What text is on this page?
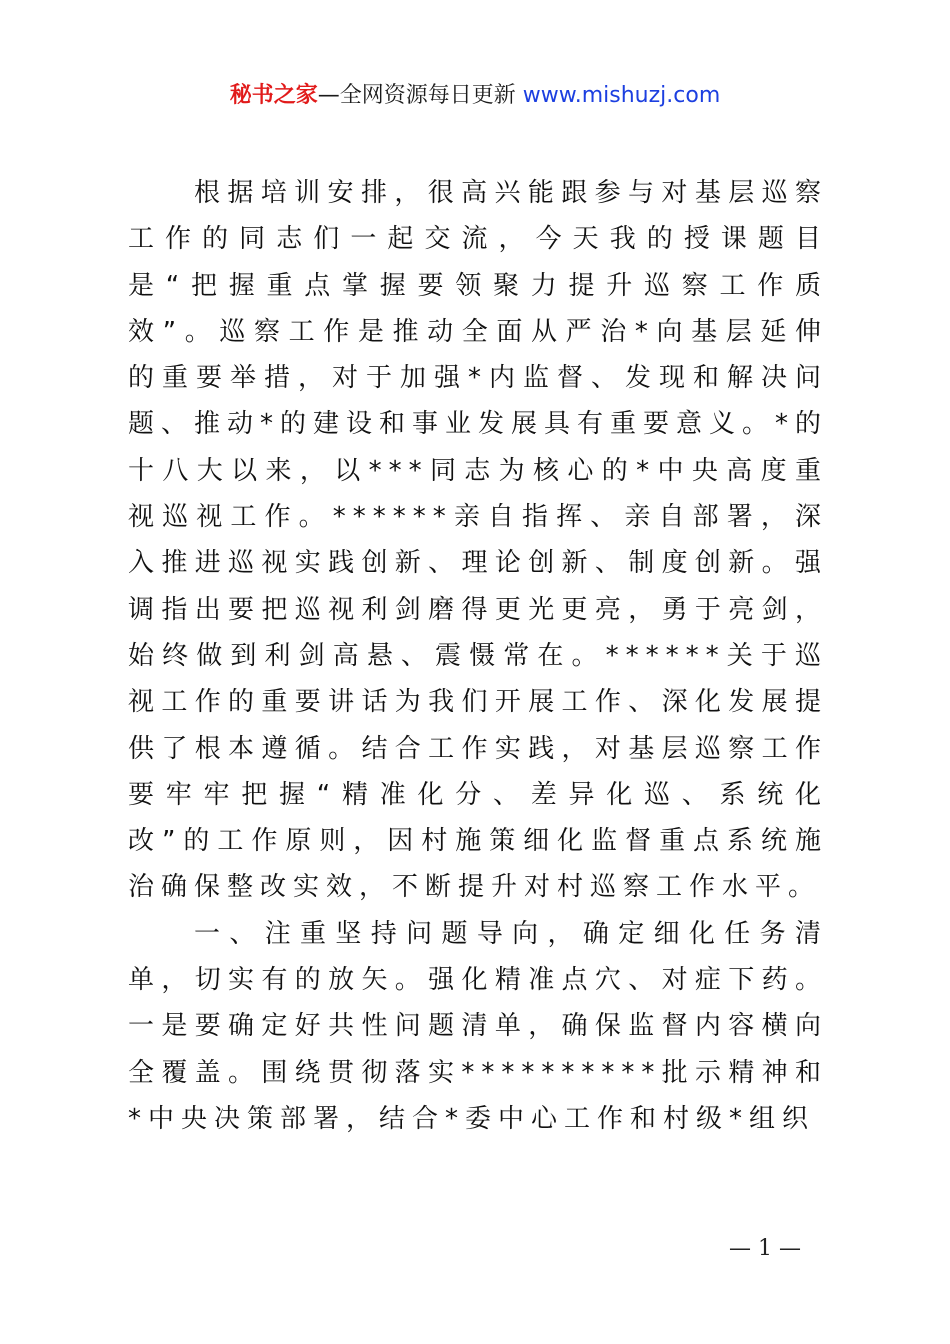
秘书之家—全网资源每日更新 www.mishuzj.com

根据培训安排，很高兴能跟参与对基层巡察工作的同志们一起交流，今天我的授课题目是“把握重点掌握要领聚力提升巡察工作质效”。巡察工作是推动全面从严治*向基层延伸的重要举措，对于加强*内监督、发现和解决问题、推动*的建设和事业发展具有重要意义。*的十八大以来，以***同志为核心的*中央高度重视巡视工作。******亲自指挥、亲自部署，深入推进巡视实践创新、理论创新、制度创新。强调指出要把巡视利剑磨得更光更亮，勇于亮剑，始终做到利剑高悬、震慑常在。******关于巡视工作的重要讲话为我们开展工作、深化发展提供了根本遵循。结合工作实践，对基层巡察工作要牢牢把握“精准化分、差异化巡、系统化改”的工作原则，因村施策细化监督重点系统施治确保整改实效，不断提升对村巡察工作水平。

一、注重坚持问题导向，确定细化任务清单，切实有的放矢。强化精准点穴、对症下药。一是要确定好共性问题清单，确保监督内容横向全覆盖。围绕贯彻落实**********批示精神和*中央决策部署，结合*委中心工作和村级*组织

— 1 —
